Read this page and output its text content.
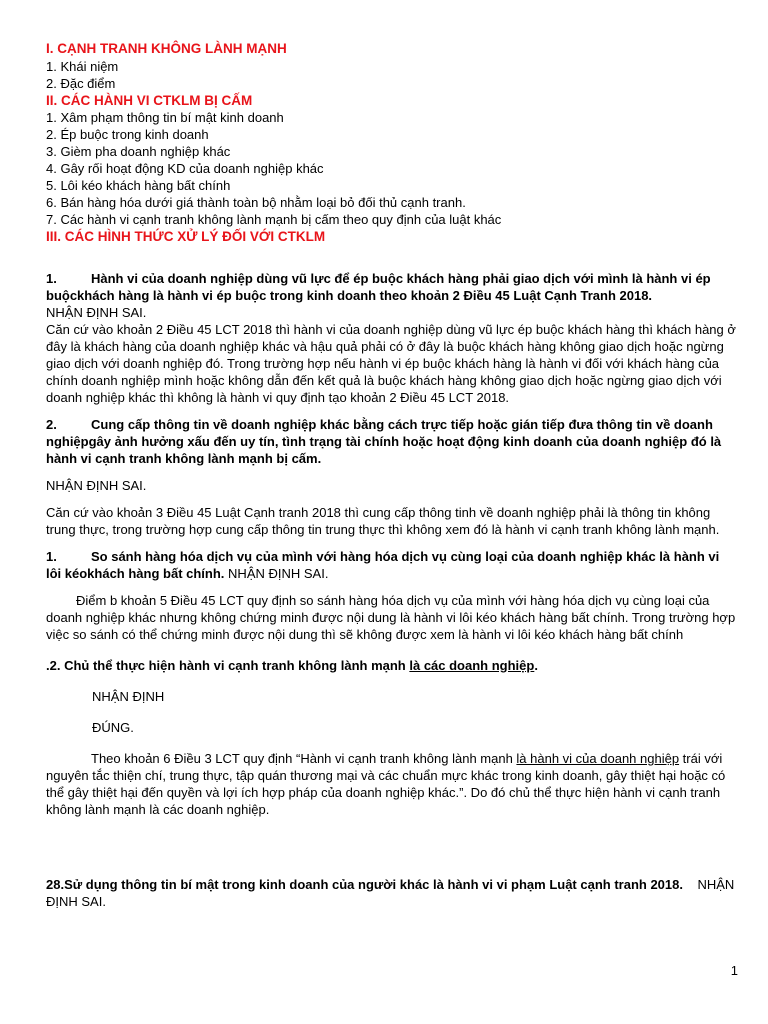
I. CẠNH TRANH KHÔNG LÀNH MẠNH

1. Khái niệm

2. Đặc điểm

II. CÁC HÀNH VI CTKLM BỊ CẤM

1. Xâm phạm thông tin bí mật kinh doanh

2. Ép buộc trong kinh doanh

3. Gièm pha doanh nghiệp khác

4. Gây rối hoạt động KD của doanh nghiệp khác

5. Lôi kéo khách hàng bất chính

6. Bán hàng hóa dưới giá thành toàn bộ nhằm loại bỏ đối thủ cạnh tranh.

7. Các hành vi cạnh tranh không lành mạnh bị cấm theo quy định của luật khác

III. CÁC HÌNH THỨC XỬ LÝ ĐỐI VỚI CTKLM

1.	Hành vi của doanh nghiệp dùng vũ lực để ép buộc khách hàng phải giao dịch với mình là hành vi ép buộckhách hàng là hành vi ép buộc trong kinh doanh theo khoản 2 Điều 45 Luật Cạnh Tranh 2018.

NHẬN ĐỊNH SAI.

Căn cứ vào khoản 2 Điều 45 LCT 2018 thì hành vi của doanh nghiệp dùng vũ lực ép buộc khách hàng thì khách hàng ở đây là khách hàng của doanh nghiệp khác và hậu quả phải có ở đây là buộc khách hàng không giao dịch hoặc ngừng giao dịch với doanh nghiệp đó. Trong trường hợp nếu hành vi ép buộc khách hàng là hành vi đối với khách hàng của chính doanh nghiệp mình hoặc không dẫn đến kết quả là buộc khách hàng không giao dịch hoặc ngừng giao dịch với doanh nghiệp khác thì không là hành vi quy định tạo khoản 2 Điều 45 LCT 2018.

2.	Cung cấp thông tin về doanh nghiệp khác bằng cách trực tiếp hoặc gián tiếp đưa thông tin về doanh nghiệpgây ảnh hưởng xấu đến uy tín, tình trạng tài chính hoặc hoạt động kinh doanh của doanh nghiệp đó là hành vi cạnh tranh không lành mạnh bị cấm.

NHẬN ĐỊNH SAI.

Căn cứ vào khoản 3 Điều 45 Luật Cạnh tranh 2018 thì cung cấp thông tinh về doanh nghiệp phải là thông tin không trung thực, trong trường hợp cung cấp thông tin trung thực thì không xem đó là hành vi cạnh tranh không lành mạnh.

1.	So sánh hàng hóa dịch vụ của mình với hàng hóa dịch vụ cùng loại của doanh nghiệp khác là hành vi lôi kéokhách hàng bất chính. NHẬN ĐỊNH SAI.

Điểm b khoản 5 Điều 45 LCT quy định so sánh hàng hóa dịch vụ của mình với hàng hóa dịch vụ cùng loại của doanh nghiệp khác nhưng không chứng minh được nội dung là hành vi lôi kéo khách hàng bất chính. Trong trường hợp việc so sánh có thể chứng minh được nội dung thì sẽ không được xem là hành vi lôi kéo khách hàng bất chính

.2. Chủ thể thực hiện hành vi cạnh tranh không lành mạnh là các doanh nghiệp.

NHẬN ĐỊNH

ĐÚNG.

Theo khoản 6 Điều 3 LCT quy định “Hành vi cạnh tranh không lành mạnh là hành vi của doanh nghiệp trái với nguyên tắc thiện chí, trung thực, tập quán thương mại và các chuẩn mực khác trong kinh doanh, gây thiệt hại hoặc có thể gây thiệt hại đến quyền và lợi ích hợp pháp của doanh nghiệp khác.”. Do đó chủ thể thực hiện hành vi cạnh tranh không lành mạnh là các doanh nghiệp.

28.Sử dụng thông tin bí mật trong kinh doanh của người khác là hành vi vi phạm Luật cạnh tranh 2018. NHẬN ĐỊNH SAI.

1
